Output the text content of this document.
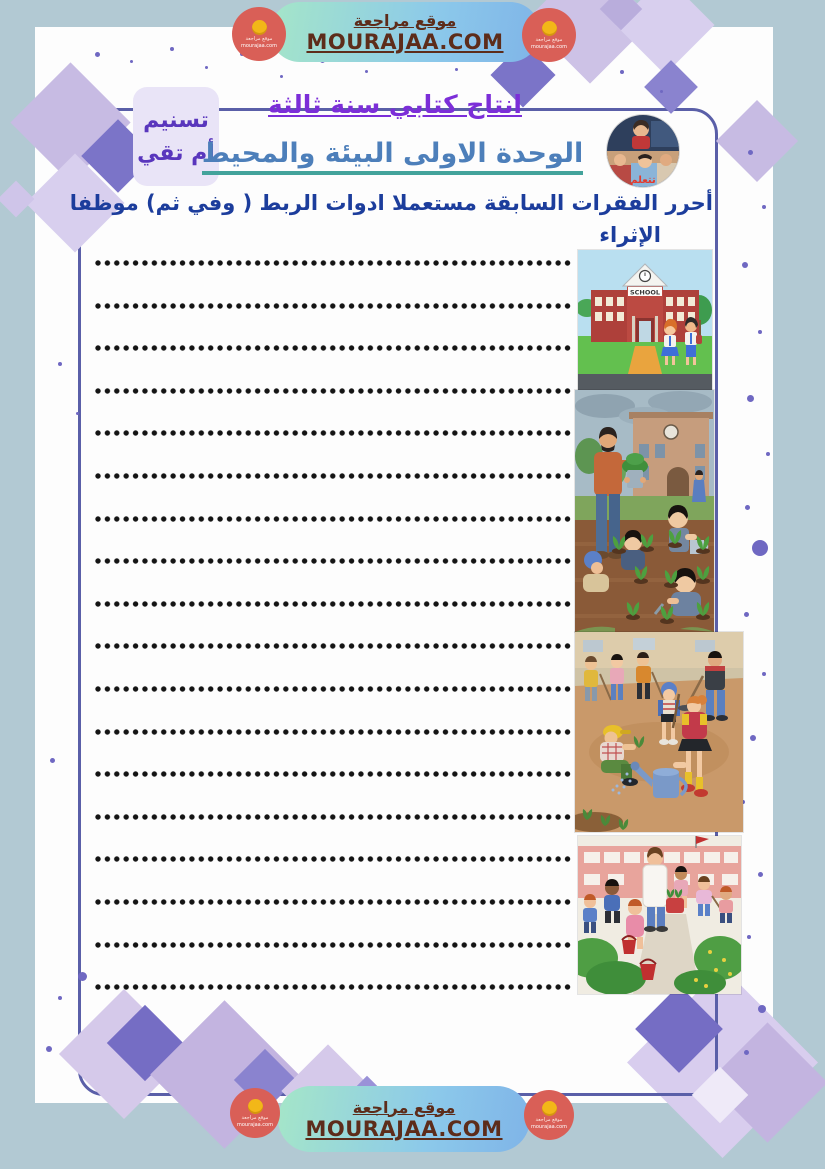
موقع مراجعة
MOURAJAA.COM
موقع مراجعة
mourajaa.com
موقع مراجعة
mourajaa.com
تسنيم
أم تقي
انتاج كتابي سنة ثالثة
الوحدة الاولى البيئة والمحيط
تتعلم
أحرر الفقرات السابقة مستعملا ادوات الربط ( وفي ثم) موظفا
الإثراء
SCHOOL
موقع مراجعة
MOURAJAA.COM
موقع مراجعة
mourajaa.com
موقع مراجعة
mourajaa.com
